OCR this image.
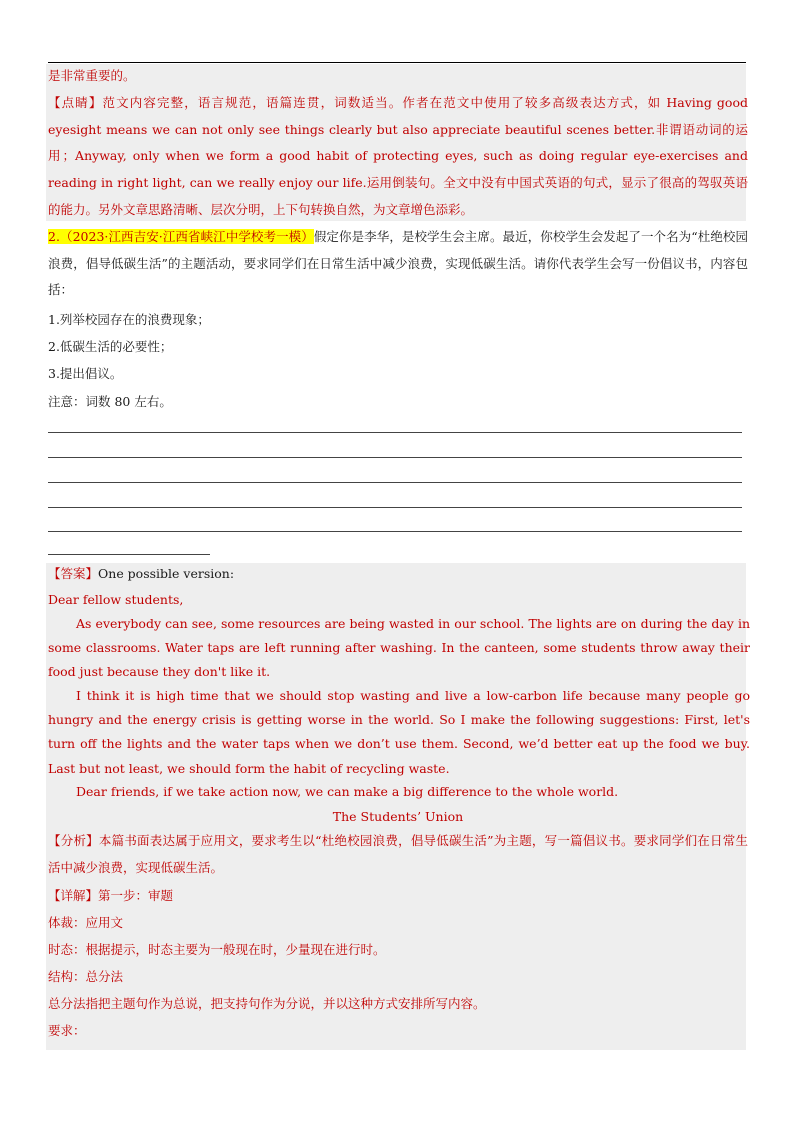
是非常重要的。
【点睛】范文内容完整，语言规范，语篇连贯，词数适当。作者在范文中使用了较多高级表达方式，如 Having good eyesight means we can not only see things clearly but also appreciate beautiful scenes better.非谓语动词的运用；Anyway, only when we form a good habit of protecting eyes, such as doing regular eye-exercises and reading in right light, can we really enjoy our life.运用倒装句。全文中没有中国式英语的句式，显示了很高的驾驭英语的能力。另外文章思路清晰、层次分明，上下句转换自然，为文章增色添彩。
2.（2023·江西吉安·江西省峡江中学校考一模）假定你是李华，是校学生会主席。最近，你校学生会发起了一个名为“杜绝校园浪费，倡导低碳生活”的主题活动，要求同学们在日常生活中减少浪费，实现低碳生活。请你代表学生会写一份倡议书，内容包括：
1.列举校园存在的浪费现象；
2.低碳生活的必要性；
3.提出倡议。
注意：词数 80 左右。
【答案】One possible version:
Dear fellow students,
As everybody can see, some resources are being wasted in our school. The lights are on during the day in some classrooms. Water taps are left running after washing. In the canteen, some students throw away their food just because they don't like it.
I think it is high time that we should stop wasting and live a low-carbon life because many people go hungry and the energy crisis is getting worse in the world. So I make the following suggestions: First, let's turn off the lights and the water taps when we don’t use them. Second, we’d better eat up the food we buy. Last but not least, we should form the habit of recycling waste.
Dear friends, if we take action now, we can make a big difference to the whole world.
The Students’ Union
【分析】本篇书面表达属于应用文，要求考生以“杜绝校园浪费，倡导低碳生活”为主题，写一篇倡议书。要求同学们在日常生活中减少浪费，实现低碳生活。
【详解】第一步：审题
体裁：应用文
时态：根据提示，时态主要为一般现在时，少量现在进行时。
结构：总分法
总分法指把主题句作为总说，把支持句作为分说，并以这种方式安排所写内容。
要求：
